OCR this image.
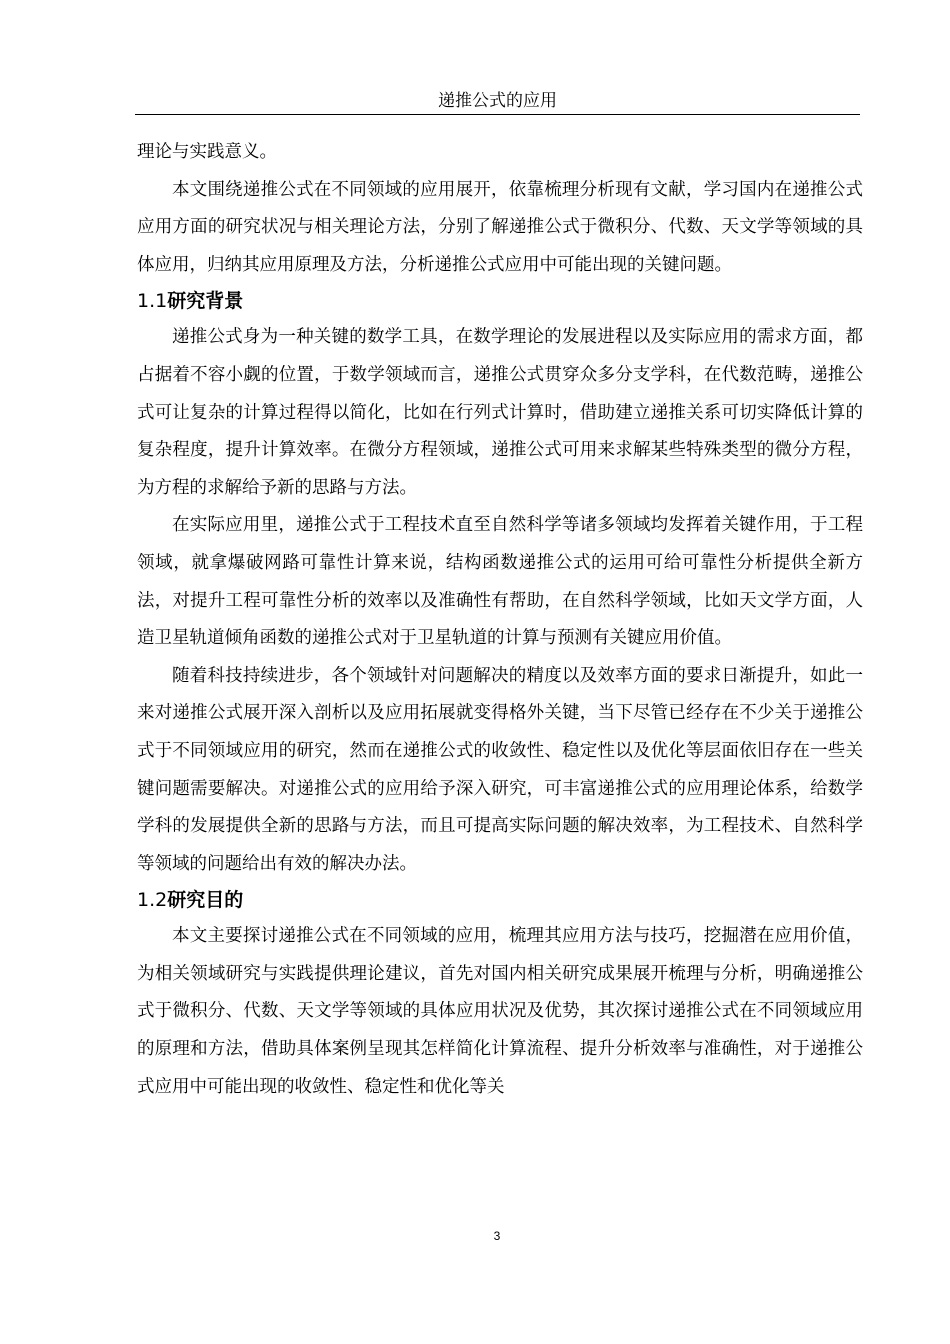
递推公式的应用

理论与实践意义。

本文围绕递推公式在不同领域的应用展开，依靠梳理分析现有文献，学习国内在递推公式应用方面的研究状况与相关理论方法，分别了解递推公式于微积分、代数、天文学等领域的具体应用，归纳其应用原理及方法，分析递推公式应用中可能出现的关键问题。

1.1研究背景

递推公式身为一种关键的数学工具，在数学理论的发展进程以及实际应用的需求方面，都占据着不容小觑的位置，于数学领域而言，递推公式贯穿众多分支学科，在代数范畴，递推公式可让复杂的计算过程得以简化，比如在行列式计算时，借助建立递推关系可切实降低计算的复杂程度，提升计算效率。在微分方程领域，递推公式可用来求解某些特殊类型的微分方程，为方程的求解给予新的思路与方法。

在实际应用里，递推公式于工程技术直至自然科学等诸多领域均发挥着关键作用，于工程领域，就拿爆破网路可靠性计算来说，结构函数递推公式的运用可给可靠性分析提供全新方法，对提升工程可靠性分析的效率以及准确性有帮助，在自然科学领域，比如天文学方面，人造卫星轨道倾角函数的递推公式对于卫星轨道的计算与预测有关键应用价值。

随着科技持续进步，各个领域针对问题解决的精度以及效率方面的要求日渐提升，如此一来对递推公式展开深入剖析以及应用拓展就变得格外关键，当下尽管已经存在不少关于递推公式于不同领域应用的研究，然而在递推公式的收敛性、稳定性以及优化等层面依旧存在一些关键问题需要解决。对递推公式的应用给予深入研究，可丰富递推公式的应用理论体系，给数学学科的发展提供全新的思路与方法，而且可提高实际问题的解决效率，为工程技术、自然科学等领域的问题给出有效的解决办法。

1.2研究目的

本文主要探讨递推公式在不同领域的应用，梳理其应用方法与技巧，挖掘潜在应用价值，为相关领域研究与实践提供理论建议，首先对国内相关研究成果展开梳理与分析，明确递推公式于微积分、代数、天文学等领域的具体应用状况及优势，其次探讨递推公式在不同领域应用的原理和方法，借助具体案例呈现其怎样简化计算流程、提升分析效率与准确性，对于递推公式应用中可能出现的收敛性、稳定性和优化等关

3
